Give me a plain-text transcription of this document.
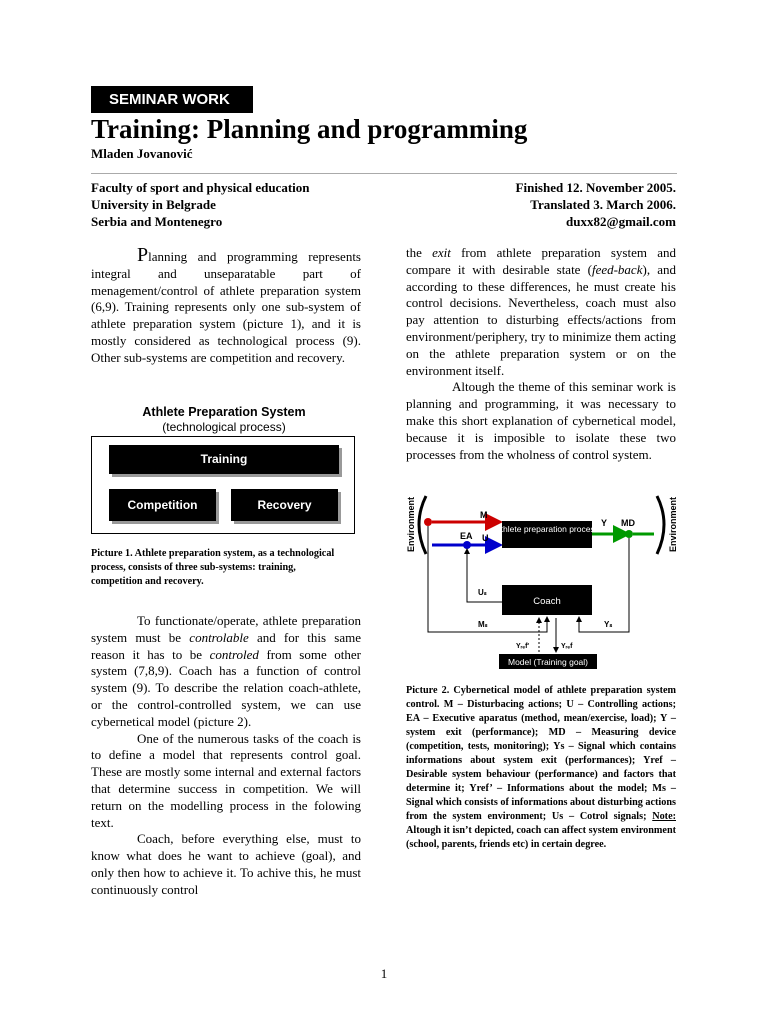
SEMINAR WORK
Training: Planning and programming
Mladen Jovanović
Faculty of sport and physical education
University in Belgrade
Serbia and Montenegro
Finished 12. November 2005.
Translated 3. March 2006.
duxx82@gmail.com

Planning and programming represents integral and unseparatable part of menagement/control of athlete preparation system (6,9). Training represents only one sub-system of athlete preparation system (picture 1), and it is mostly considered as technological process (9). Other sub-systems are competition and recovery.

Athlete Preparation System
(technological process)
Training
Competition	Recovery
Picture 1. Athlete preparation system, as a technological process, consists of three sub-systems: training, competition and recovery.

To functionate/operate, athlete preparation system must be controlable and for this same reason it has to be controled from some other system (7,8,9). Coach has a function of control system (9). To describe the relation coach-athlete, or the control-controlled system, we can use cybernetical model (picture 2).

One of the numerous tasks of the coach is to define a model that represents control goal. These are mostly some internal and external factors that determine success in competition. We will return on the modelling process in the folowing text.

Coach, before everything else, must to know what does he want to achieve (goal), and only then how to achieve it. To achive this, he must continuously control

the exit from athlete preparation system and compare it with desirable state (feed-back), and according to these differences, he must create his control decisions. Nevertheless, coach must also pay attention to disturbing effects/actions from environment/periphery, try to minimize them acting on the athlete preparation system or on the environment itself.

Altough the theme of this seminar work is planning and programming, it was necessary to make this short explanation of cybernetical model, because it is imposible to isolate these two processes from the wholness of control system.

Environment	Environment
M
EA U
Athlete preparation process
Y MD
Coach
Uₛ
Mₛ	Yₛ
Yᵣₑf'	Yᵣₑf
Model (Training goal)
Picture 2. Cybernetical model of athlete preparation system control. M – Disturbacing actions; U – Controlling actions; EA – Executive aparatus (method, mean/exercise, load); Y – system exit (performance); MD – Measuring device (competition, tests, monitoring); Ys – Signal which contains informations about system exit (performances); Yref – Desirable system behaviour (performance) and factors that determine it; Yref’ – Informations about the model; Ms – Signal which consists of informations about disturbing actions from the system environment; Us – Cotrol signals; Note: Altough it isn’t depicted, coach can affect system environment (school, parents, friends etc) in certain degree.
1
